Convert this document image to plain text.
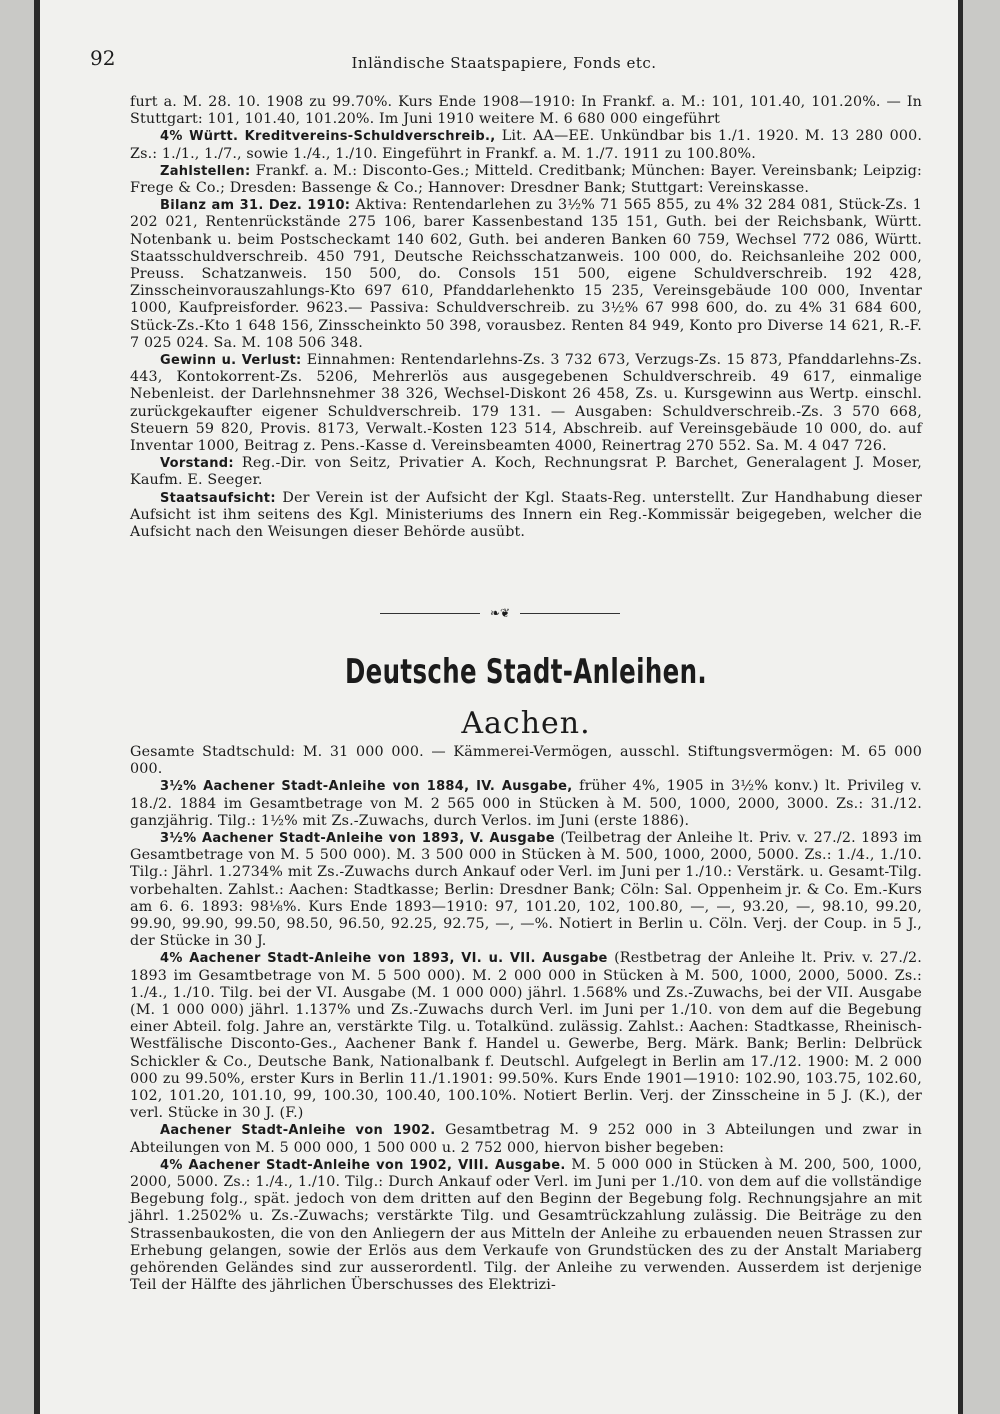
92	Inländische Staatspapiere, Fonds etc.

furt a. M. 28. 10. 1908 zu 99.70%. Kurs Ende 1908—1910: In Frankf. a. M.: 101, 101.40, 101.20%. — In Stuttgart: 101, 101.40, 101.20%. Im Juni 1910 weitere M. 6 680 000 eingeführt

4% Württ. Kreditvereins-Schuldverschreib., Lit. AA—EE. Unkündbar bis 1./1. 1920. M. 13 280 000. Zs.: 1./1., 1./7., sowie 1./4., 1./10. Eingeführt in Frankf. a. M. 1./7. 1911 zu 100.80%.

Zahlstellen: Frankf. a. M.: Disconto-Ges.; Mitteld. Creditbank; München: Bayer. Vereinsbank; Leipzig: Frege & Co.; Dresden: Bassenge & Co.; Hannover: Dresdner Bank; Stuttgart: Vereinskasse.

Bilanz am 31. Dez. 1910: Aktiva: Rentendarlehen zu 3½% 71 565 855, zu 4% 32 284 081, Stück-Zs. 1 202 021, Rentenrückstände 275 106, barer Kassenbestand 135 151, Guth. bei der Reichsbank, Württ. Notenbank u. beim Postscheckamt 140 602, Guth. bei anderen Banken 60 759, Wechsel 772 086, Württ. Staatsschuldverschreib. 450 791, Deutsche Reichsschatzanweis. 100 000, do. Reichsanleihe 202 000, Preuss. Schatzanweis. 150 500, do. Consols 151 500, eigene Schuldverschreib. 192 428, Zinsscheinvorauszahlungs-Kto 697 610, Pfanddarlehenkto 15 235, Vereinsgebäude 100 000, Inventar 1000, Kaufpreisforder. 9623.— Passiva: Schuldverschreib. zu 3½% 67 998 600, do. zu 4% 31 684 600, Stück-Zs.-Kto 1 648 156, Zinsscheinkto 50 398, vorausbez. Renten 84 949, Konto pro Diverse 14 621, R.-F. 7 025 024. Sa. M. 108 506 348.

Gewinn u. Verlust: Einnahmen: Rentendarlehns-Zs. 3 732 673, Verzugs-Zs. 15 873, Pfanddarlehns-Zs. 443, Kontokorrent-Zs. 5206, Mehrerlös aus ausgegebenen Schuldverschreib. 49 617, einmalige Nebenleist. der Darlehnsnehmer 38 326, Wechsel-Diskont 26 458, Zs. u. Kursgewinn aus Wertp. einschl. zurückgekaufter eigener Schuldverschreib. 179 131. — Ausgaben: Schuldverschreib.-Zs. 3 570 668, Steuern 59 820, Provis. 8173, Verwalt.-Kosten 123 514, Abschreib. auf Vereinsgebäude 10 000, do. auf Inventar 1000, Beitrag z. Pens.-Kasse d. Vereinsbeamten 4000, Reinertrag 270 552. Sa. M. 4 047 726.

Vorstand: Reg.-Dir. von Seitz, Privatier A. Koch, Rechnungsrat P. Barchet, Generalagent J. Moser, Kaufm. E. Seeger.

Staatsaufsicht: Der Verein ist der Aufsicht der Kgl. Staats-Reg. unterstellt. Zur Handhabung dieser Aufsicht ist ihm seitens des Kgl. Ministeriums des Innern ein Reg.-Kommissär beigegeben, welcher die Aufsicht nach den Weisungen dieser Behörde ausübt.

❧❦
Deutsche Stadt-Anleihen.
Aachen.

Gesamte Stadtschuld: M. 31 000 000. — Kämmerei-Vermögen, ausschl. Stiftungsvermögen: M. 65 000 000.

3½% Aachener Stadt-Anleihe von 1884, IV. Ausgabe, früher 4%, 1905 in 3½% konv.) lt. Privileg v. 18./2. 1884 im Gesamtbetrage von M. 2 565 000 in Stücken à M. 500, 1000, 2000, 3000. Zs.: 31./12. ganzjährig. Tilg.: 1½% mit Zs.-Zuwachs, durch Verlos. im Juni (erste 1886).

3½% Aachener Stadt-Anleihe von 1893, V. Ausgabe (Teilbetrag der Anleihe lt. Priv. v. 27./2. 1893 im Gesamtbetrage von M. 5 500 000). M. 3 500 000 in Stücken à M. 500, 1000, 2000, 5000. Zs.: 1./4., 1./10. Tilg.: Jährl. 1.2734% mit Zs.-Zuwachs durch Ankauf oder Verl. im Juni per 1./10.: Verstärk. u. Gesamt-Tilg. vorbehalten. Zahlst.: Aachen: Stadtkasse; Berlin: Dresdner Bank; Cöln: Sal. Oppenheim jr. & Co. Em.-Kurs am 6. 6. 1893: 98⅛%. Kurs Ende 1893—1910: 97, 101.20, 102, 100.80, —, —, 93.20, —, 98.10, 99.20, 99.90, 99.90, 99.50, 98.50, 96.50, 92.25, 92.75, —, —%. Notiert in Berlin u. Cöln. Verj. der Coup. in 5 J., der Stücke in 30 J.

4% Aachener Stadt-Anleihe von 1893, VI. u. VII. Ausgabe (Restbetrag der Anleihe lt. Priv. v. 27./2. 1893 im Gesamtbetrage von M. 5 500 000). M. 2 000 000 in Stücken à M. 500, 1000, 2000, 5000. Zs.: 1./4., 1./10. Tilg. bei der VI. Ausgabe (M. 1 000 000) jährl. 1.568% und Zs.-Zuwachs, bei der VII. Ausgabe (M. 1 000 000) jährl. 1.137% und Zs.-Zuwachs durch Verl. im Juni per 1./10. von dem auf die Begebung einer Abteil. folg. Jahre an, verstärkte Tilg. u. Totalkünd. zulässig. Zahlst.: Aachen: Stadtkasse, Rheinisch-Westfälische Disconto-Ges., Aachener Bank f. Handel u. Gewerbe, Berg. Märk. Bank; Berlin: Delbrück Schickler & Co., Deutsche Bank, Nationalbank f. Deutschl. Aufgelegt in Berlin am 17./12. 1900: M. 2 000 000 zu 99.50%, erster Kurs in Berlin 11./1.1901: 99.50%. Kurs Ende 1901—1910: 102.90, 103.75, 102.60, 102, 101.20, 101.10, 99, 100.30, 100.40, 100.10%. Notiert Berlin. Verj. der Zinsscheine in 5 J. (K.), der verl. Stücke in 30 J. (F.)

Aachener Stadt-Anleihe von 1902. Gesamtbetrag M. 9 252 000 in 3 Abteilungen und zwar in Abteilungen von M. 5 000 000, 1 500 000 u. 2 752 000, hiervon bisher begeben:

4% Aachener Stadt-Anleihe von 1902, VIII. Ausgabe. M. 5 000 000 in Stücken à M. 200, 500, 1000, 2000, 5000. Zs.: 1./4., 1./10. Tilg.: Durch Ankauf oder Verl. im Juni per 1./10. von dem auf die vollständige Begebung folg., spät. jedoch von dem dritten auf den Beginn der Begebung folg. Rechnungsjahre an mit jährl. 1.2502% u. Zs.-Zuwachs; verstärkte Tilg. und Gesamtrückzahlung zulässig. Die Beiträge zu den Strassenbaukosten, die von den Anliegern der aus Mitteln der Anleihe zu erbauenden neuen Strassen zur Erhebung gelangen, sowie der Erlös aus dem Verkaufe von Grundstücken des zu der Anstalt Mariaberg gehörenden Geländes sind zur ausserordentl. Tilg. der Anleihe zu verwenden. Ausserdem ist derjenige Teil der Hälfte des jährlichen Überschusses des Elektrizi-
